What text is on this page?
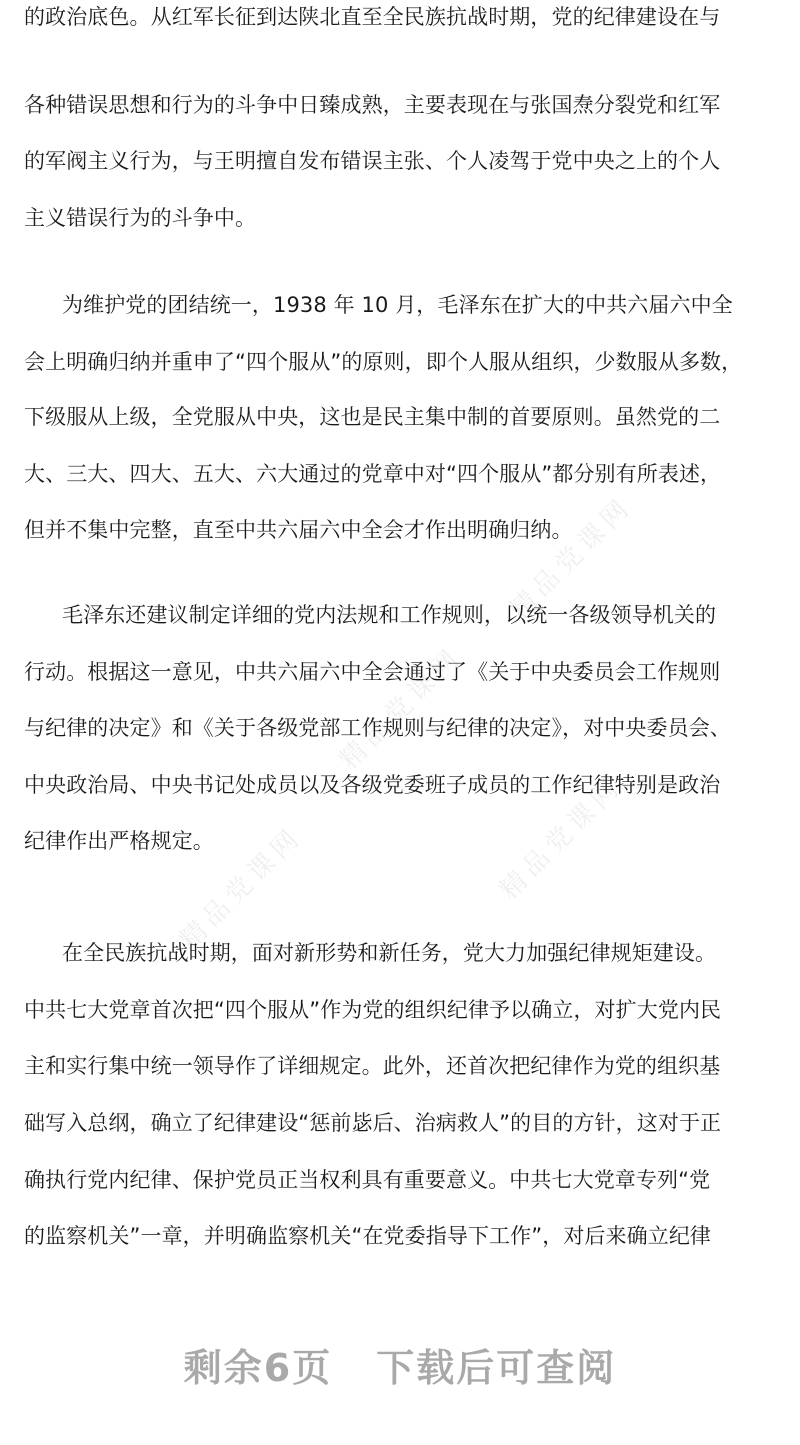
精品党课网
精品党课网
精品党课网
精品党课网
的政治底色。从红军长征到达陕北直至全民族抗战时期，党的纪律建设在与
各种错误思想和行为的斗争中日臻成熟，主要表现在与张国焘分裂党和红军
的军阀主义行为，与王明擅自发布错误主张、个人凌驾于党中央之上的个人
主义错误行为的斗争中。
为维护党的团结统一，1938 年 10 月，毛泽东在扩大的中共六届六中全
会上明确归纳并重申了“四个服从”的原则，即个人服从组织，少数服从多数，
下级服从上级，全党服从中央，这也是民主集中制的首要原则。虽然党的二
大、三大、四大、五大、六大通过的党章中对“四个服从”都分别有所表述，
但并不集中完整，直至中共六届六中全会才作出明确归纳。
毛泽东还建议制定详细的党内法规和工作规则，以统一各级领导机关的
行动。根据这一意见，中共六届六中全会通过了《关于中央委员会工作规则
与纪律的决定》和《关于各级党部工作规则与纪律的决定》，对中央委员会、
中央政治局、中央书记处成员以及各级党委班子成员的工作纪律特别是政治
纪律作出严格规定。
在全民族抗战时期，面对新形势和新任务，党大力加强纪律规矩建设。
中共七大党章首次把“四个服从”作为党的组织纪律予以确立，对扩大党内民
主和实行集中统一领导作了详细规定。此外，还首次把纪律作为党的组织基
础写入总纲，确立了纪律建设“惩前毖后、治病救人”的目的方针，这对于正
确执行党内纪律、保护党员正当权利具有重要意义。中共七大党章专列“党
的监察机关”一章，并明确监察机关“在党委指导下工作”，对后来确立纪律
剩余6页 下载后可查阅
